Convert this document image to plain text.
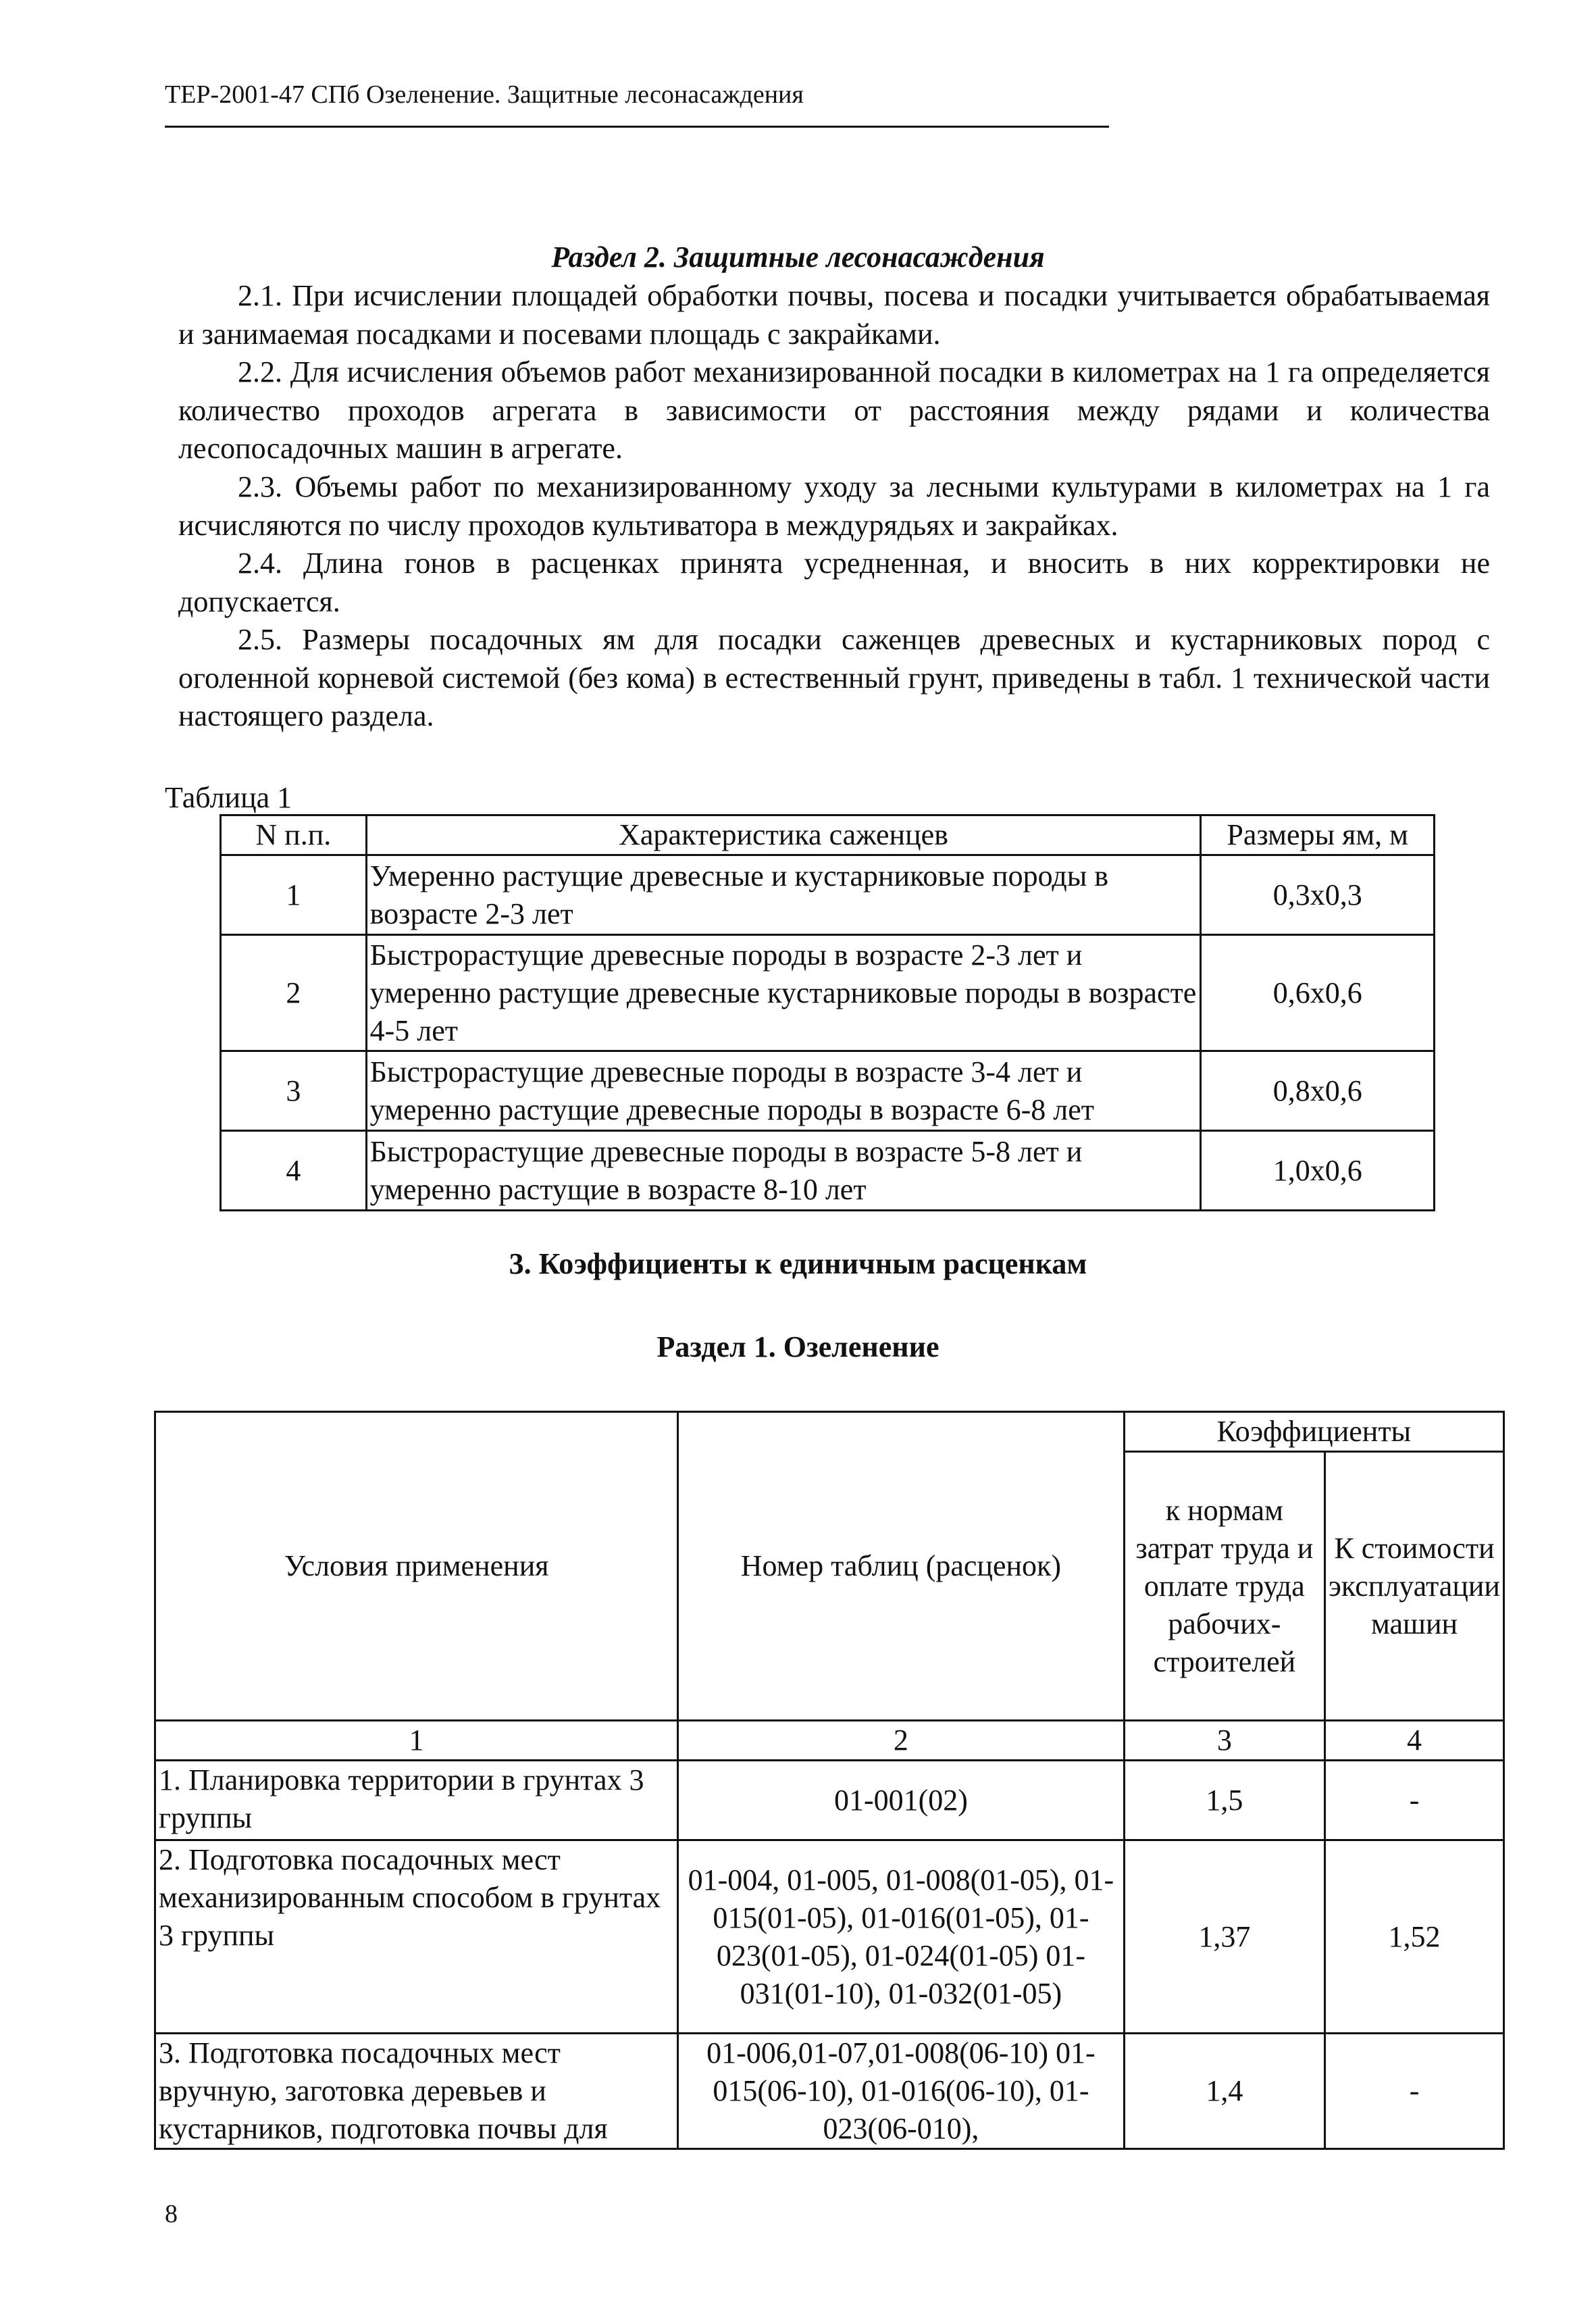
ТЕР-2001-47 СПб Озеленение. Защитные лесонасаждения
Раздел 2. Защитные лесонасаждения
2.1. При исчислении площадей обработки почвы, посева и посадки учитывается обрабатываемая и занимаемая посадками и посевами площадь с закрайками.
2.2. Для исчисления объемов работ механизированной посадки в километрах на 1 га определяется количество проходов агрегата в зависимости от расстояния между рядами и количества лесопосадочных машин в агрегате.
2.3. Объемы работ по механизированному уходу за лесными культурами в километрах на 1 га исчисляются по числу проходов культиватора в междурядьях и закрайках.
2.4. Длина гонов в расценках принята усредненная, и вносить в них корректировки не допускается.
2.5. Размеры посадочных ям для посадки саженцев древесных и кустарниковых пород с оголенной корневой системой (без кома) в естественный грунт, приведены в табл. 1 технической части настоящего раздела.
Таблица 1
N п.п.	Характеристика саженцев	Размеры ям, м
1	Умеренно растущие древесные и кустарниковые породы в возрасте 2-3 лет	0,3х0,3
2	Быстрорастущие древесные породы в возрасте 2-3 лет и умеренно растущие древесные кустарниковые породы в возрасте 4-5 лет	0,6х0,6
3	Быстрорастущие древесные породы в возрасте 3-4 лет и умеренно растущие древесные породы в возрасте 6-8 лет	0,8х0,6
4	Быстрорастущие древесные породы в возрасте 5-8 лет и умеренно растущие в возрасте 8-10 лет	1,0х0,6
3. Коэффициенты к единичным расценкам
Раздел 1. Озеленение
Условия применения	Номер таблиц (расценок)	Коэффициенты	
		к нормам затрат труда и оплате труда рабочих-строителей	К стоимости эксплуатации машин
1	2	3	4
1. Планировка территории в грунтах 3 группы	01-001(02)	1,5	-
2. Подготовка посадочных мест механизированным способом в грунтах 3 группы	01-004, 01-005, 01-008(01-05), 01-015(01-05), 01-016(01-05), 01-023(01-05), 01-024(01-05) 01-031(01-10), 01-032(01-05)	1,37	1,52
3. Подготовка посадочных мест вручную, заготовка деревьев и кустарников, подготовка почвы для	01-006,01-07,01-008(06-10) 01-015(06-10), 01-016(06-10), 01-023(06-010),	1,4	-
8
